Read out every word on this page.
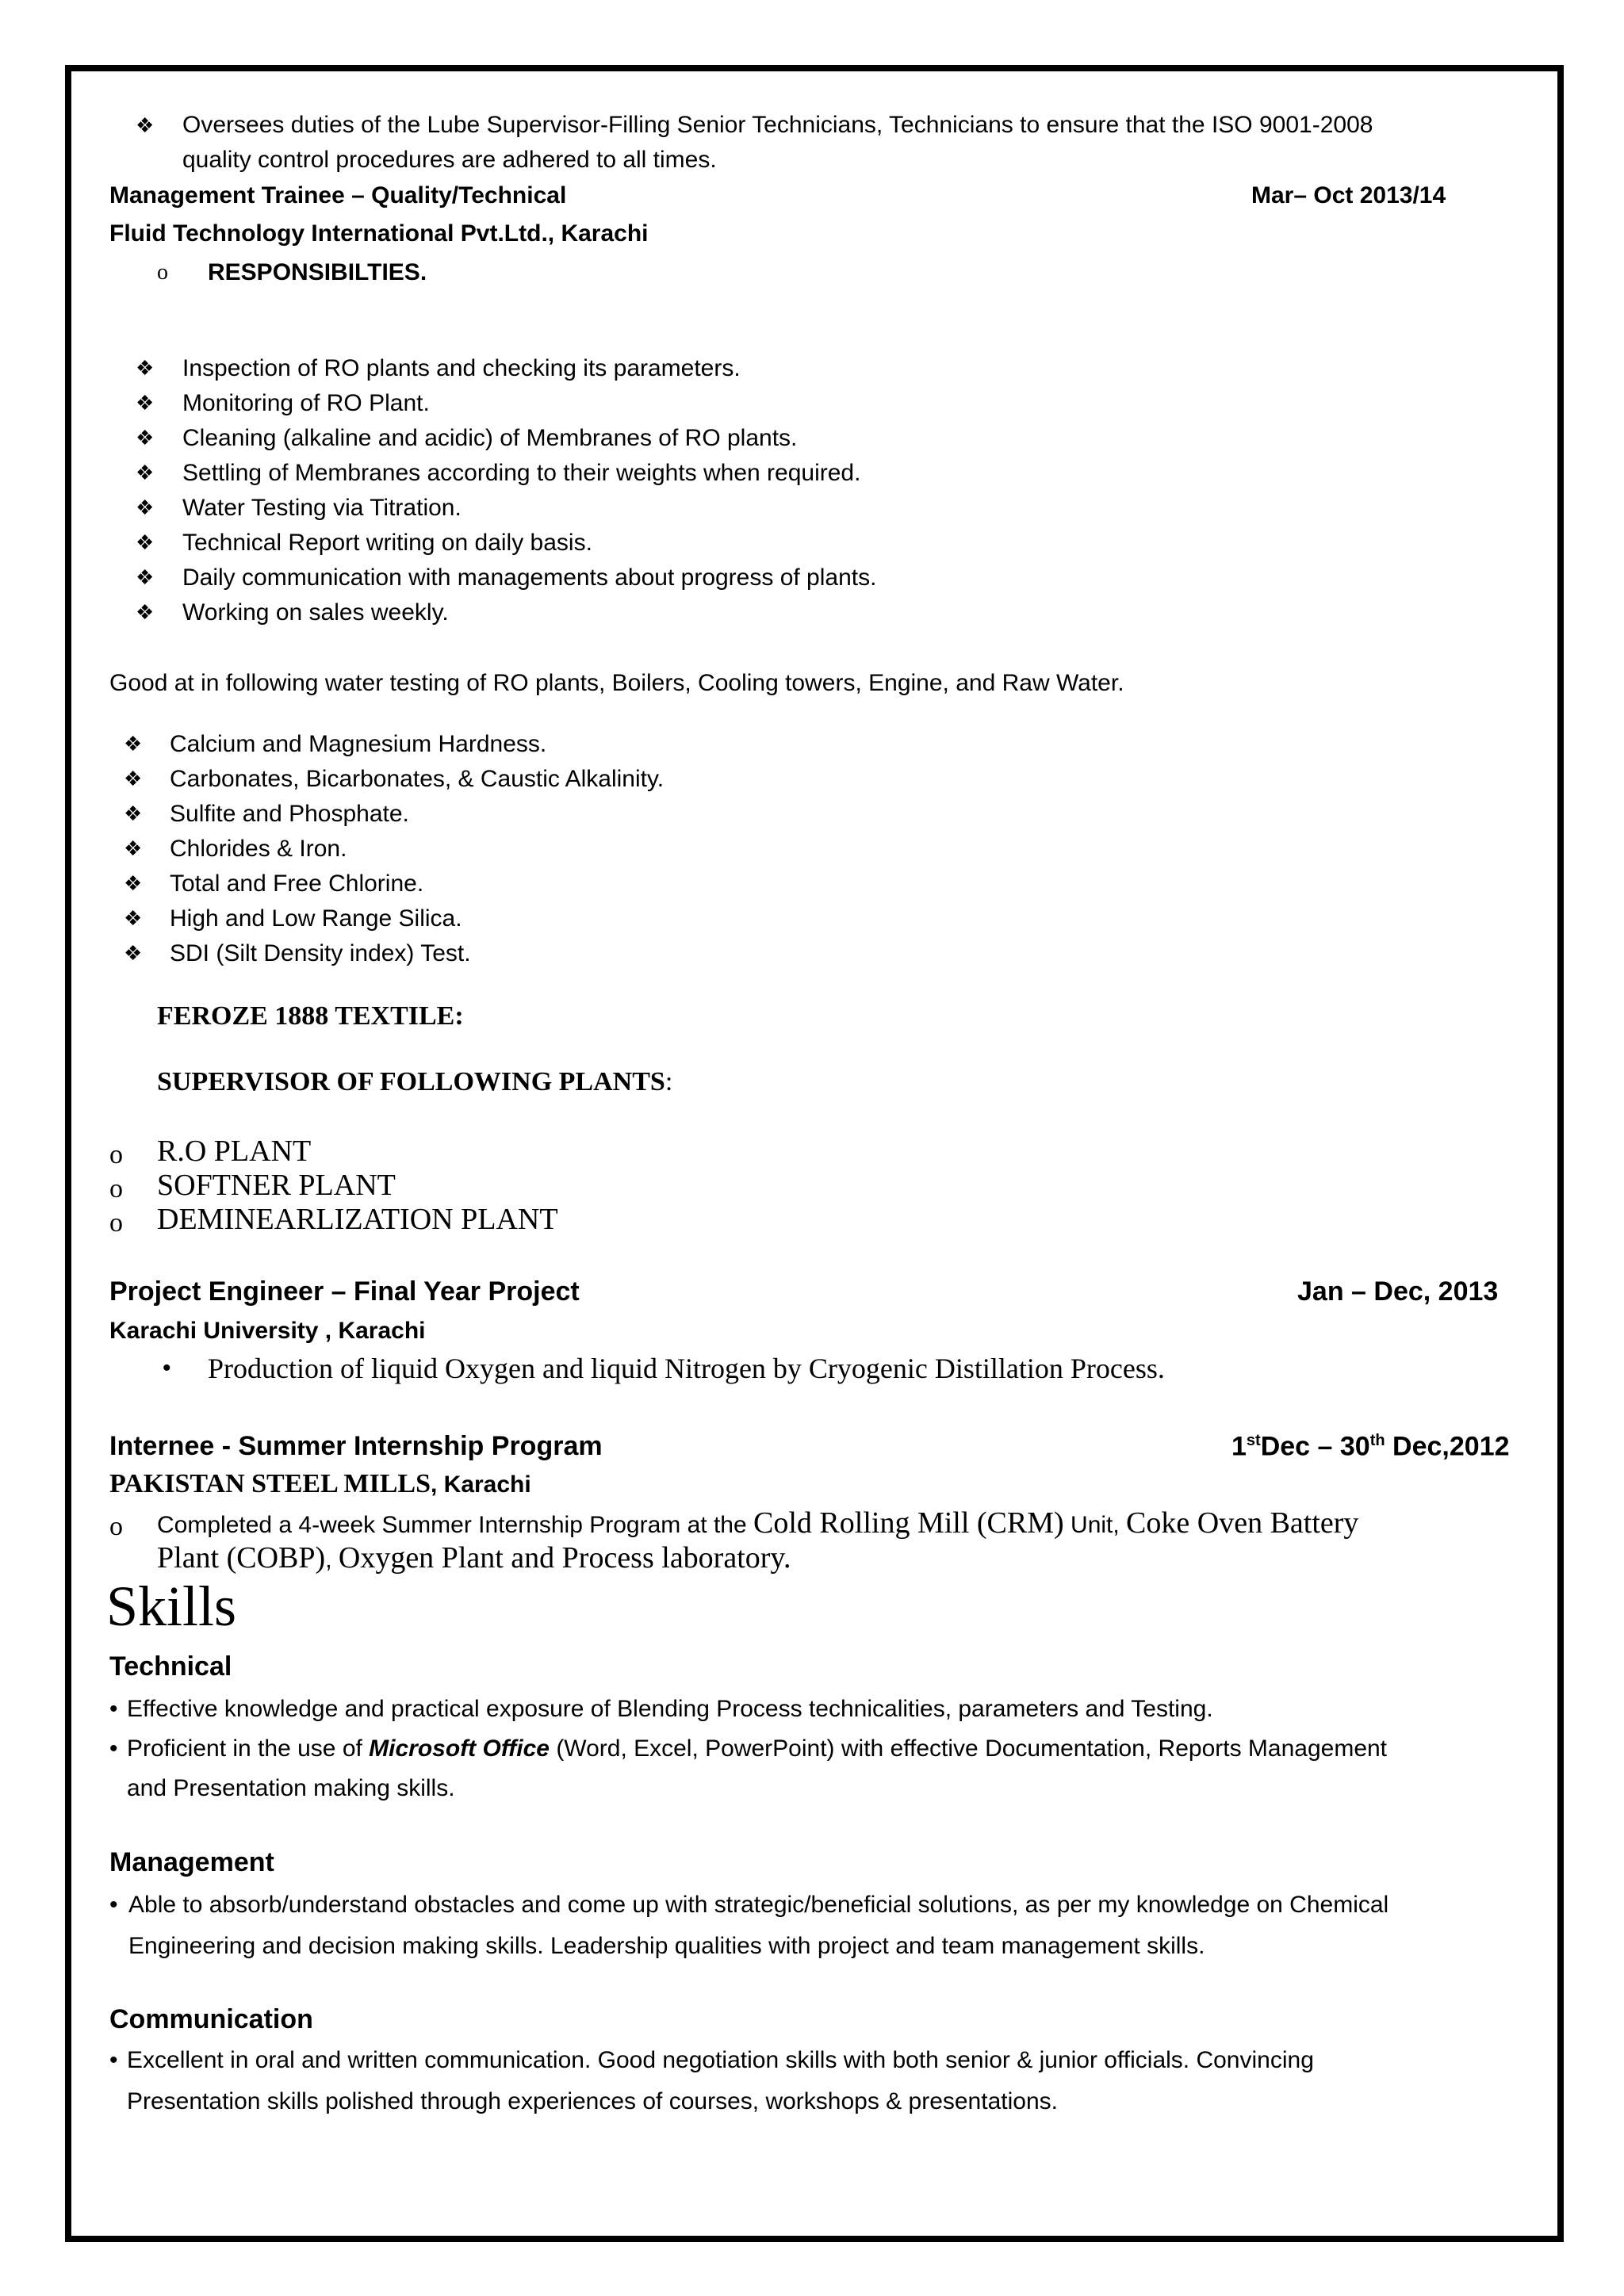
❖ Oversees duties of the Lube Supervisor-Filling Senior Technicians, Technicians to ensure that the ISO 9001-2008
quality control procedures are adhered to all times.
Management Trainee – Quality/Technical	Mar– Oct 2013/14
Fluid Technology International Pvt.Ltd., Karachi
o RESPONSIBILTIES.
❖ Inspection of RO plants and checking its parameters.
❖ Monitoring of RO Plant.
❖ Cleaning (alkaline and acidic) of Membranes of RO plants.
❖ Settling of Membranes according to their weights when required.
❖ Water Testing via Titration.
❖ Technical Report writing on daily basis.
❖ Daily communication with managements about progress of plants.
❖ Working on sales weekly.
Good at in following water testing of RO plants, Boilers, Cooling towers, Engine, and Raw Water.
❖ Calcium and Magnesium Hardness.
❖ Carbonates, Bicarbonates, & Caustic Alkalinity.
❖ Sulfite and Phosphate.
❖ Chlorides & Iron.
❖ Total and Free Chlorine.
❖ High and Low Range Silica.
❖ SDI (Silt Density index) Test.
FEROZE 1888 TEXTILE:
SUPERVISOR OF FOLLOWING PLANTS:
o R.O PLANT
o SOFTNER PLANT
o DEMINEARLIZATION PLANT
Project Engineer – Final Year Project	Jan – Dec, 2013
Karachi University , Karachi
• Production of liquid Oxygen and liquid Nitrogen by Cryogenic Distillation Process.
Internee - Summer Internship Program	1stDec – 30th Dec,2012
PAKISTAN STEEL MILLS, Karachi
o Completed a 4-week Summer Internship Program at the Cold Rolling Mill (CRM) Unit, Coke Oven Battery
Plant (COBP), Oxygen Plant and Process laboratory.
Skills
Technical
• Effective knowledge and practical exposure of Blending Process technicalities, parameters and Testing.
• Proficient in the use of Microsoft Office (Word, Excel, PowerPoint) with effective Documentation, Reports Management
and Presentation making skills.
Management
• Able to absorb/understand obstacles and come up with strategic/beneficial solutions, as per my knowledge on Chemical
Engineering and decision making skills. Leadership qualities with project and team management skills.
Communication
• Excellent in oral and written communication. Good negotiation skills with both senior & junior officials. Convincing
Presentation skills polished through experiences of courses, workshops & presentations.
